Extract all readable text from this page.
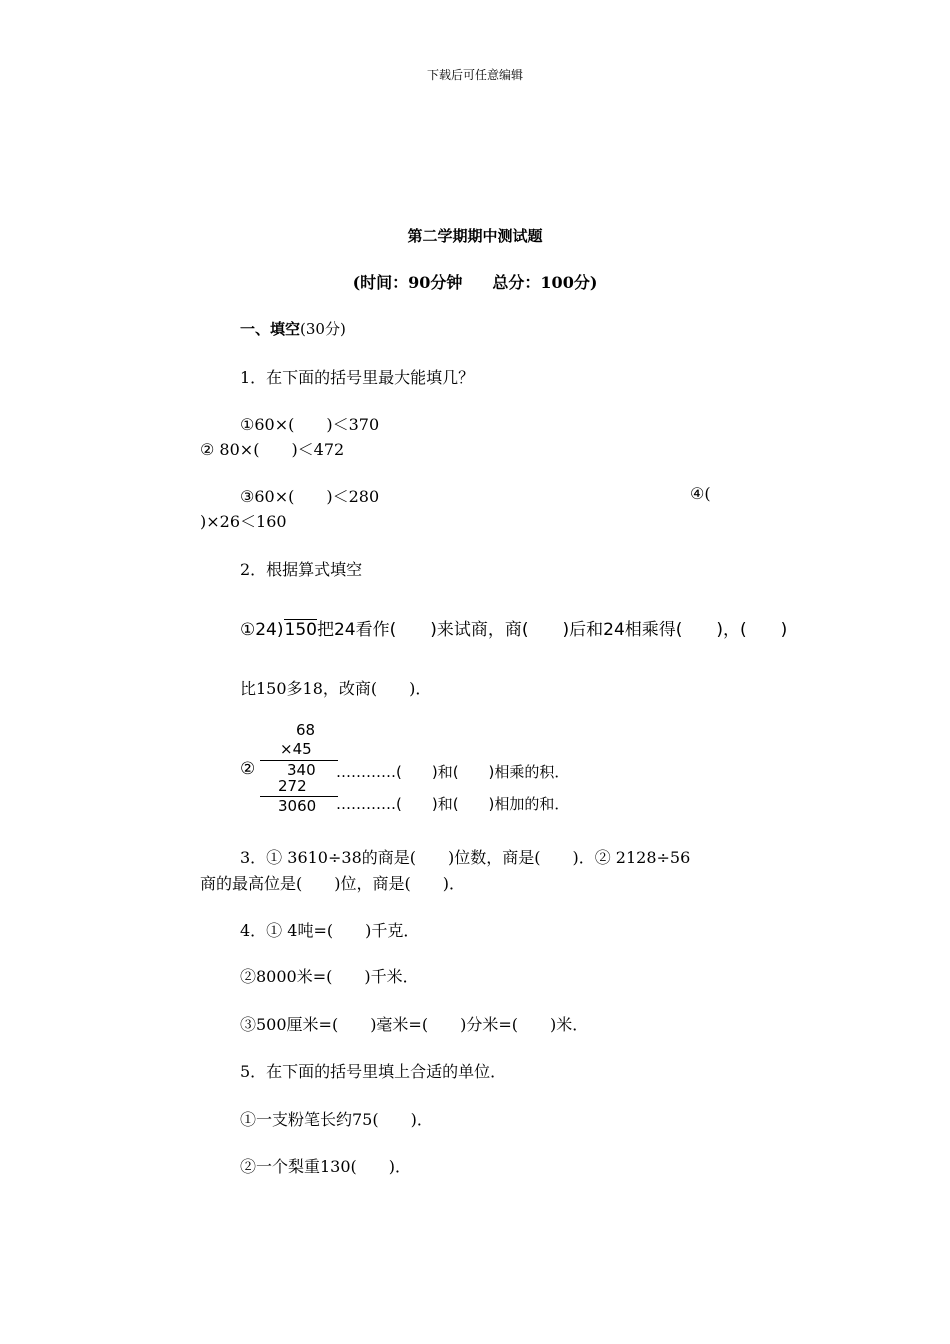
下载后可任意编辑
第二学期期中测试题
(时间：90分钟 总分：100分)
一、填空(30分)
1．在下面的括号里最大能填几？
①60×(　　)＜370
② 80×(　　)＜472
③60×(　　)＜280	④(
)×26＜160
2．根据算式填空
①24)150把24看作(　　)来试商，商(　　)后和24相乘得(　　)，(　　)
比150多18，改商(　　)．
68
×45
② 340 …………(　　)和(　　)相乘的积．
272
3060 …………(　　)和(　　)相加的和．
3．① 3610÷38的商是(　　)位数，商是(　　)．② 2128÷56
商的最高位是(　　)位，商是(　　)．
4．① 4吨=(　　)千克．
②8000米=(　　)千米．
③500厘米=(　　)毫米=(　　)分米=(　　)米．
5．在下面的括号里填上合适的单位．
①一支粉笔长约75(　　)．
②一个梨重130(　　)．
